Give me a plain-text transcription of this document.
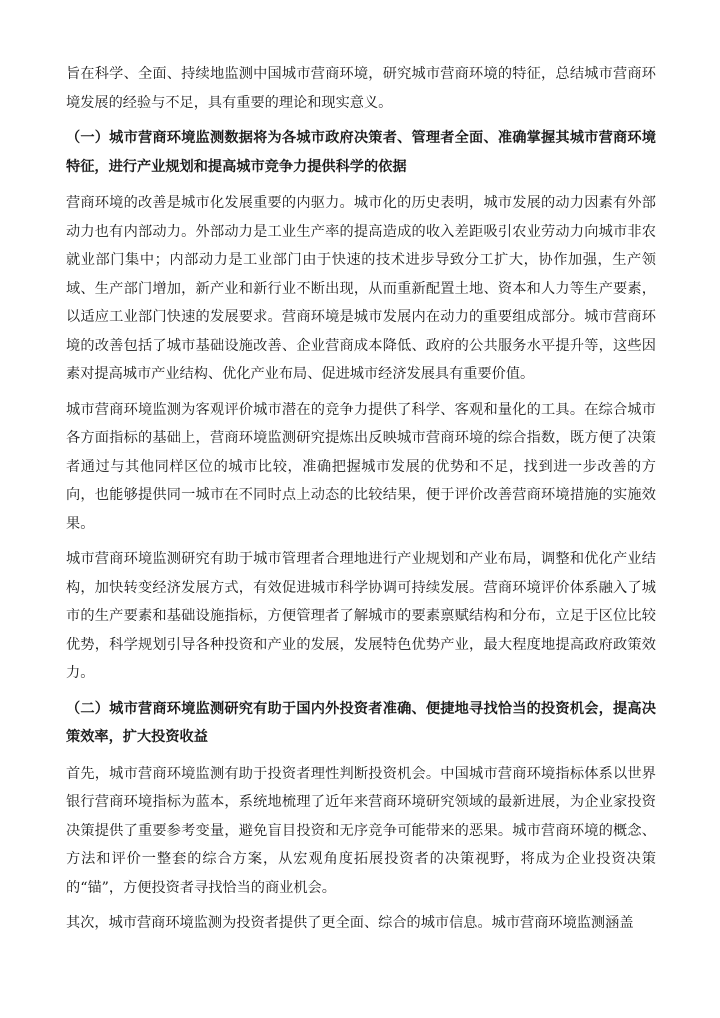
旨在科学、全面、持续地监测中国城市营商环境，研究城市营商环境的特征，总结城市营商环境发展的经验与不足，具有重要的理论和现实意义。

（一）城市营商环境监测数据将为各城市政府决策者、管理者全面、准确掌握其城市营商环境特征，进行产业规划和提高城市竞争力提供科学的依据

营商环境的改善是城市化发展重要的内驱力。城市化的历史表明，城市发展的动力因素有外部动力也有内部动力。外部动力是工业生产率的提高造成的收入差距吸引农业劳动力向城市非农就业部门集中；内部动力是工业部门由于快速的技术进步导致分工扩大，协作加强，生产领域、生产部门增加，新产业和新行业不断出现，从而重新配置土地、资本和人力等生产要素，以适应工业部门快速的发展要求。营商环境是城市发展内在动力的重要组成部分。城市营商环境的改善包括了城市基础设施改善、企业营商成本降低、政府的公共服务水平提升等，这些因素对提高城市产业结构、优化产业布局、促进城市经济发展具有重要价值。

城市营商环境监测为客观评价城市潜在的竞争力提供了科学、客观和量化的工具。在综合城市各方面指标的基础上，营商环境监测研究提炼出反映城市营商环境的综合指数，既方便了决策者通过与其他同样区位的城市比较，准确把握城市发展的优势和不足，找到进一步改善的方向，也能够提供同一城市在不同时点上动态的比较结果，便于评价改善营商环境措施的实施效果。

城市营商环境监测研究有助于城市管理者合理地进行产业规划和产业布局，调整和优化产业结构，加快转变经济发展方式，有效促进城市科学协调可持续发展。营商环境评价体系融入了城市的生产要素和基础设施指标，方便管理者了解城市的要素禀赋结构和分布，立足于区位比较优势，科学规划引导各种投资和产业的发展，发展特色优势产业，最大程度地提高政府政策效力。

（二）城市营商环境监测研究有助于国内外投资者准确、便捷地寻找恰当的投资机会，提高决策效率，扩大投资收益

首先，城市营商环境监测有助于投资者理性判断投资机会。中国城市营商环境指标体系以世界银行营商环境指标为蓝本，系统地梳理了近年来营商环境研究领域的最新进展，为企业家投资决策提供了重要参考变量，避免盲目投资和无序竞争可能带来的恶果。城市营商环境的概念、方法和评价一整套的综合方案，从宏观角度拓展投资者的决策视野，将成为企业投资决策的“锚”，方便投资者寻找恰当的商业机会。

其次，城市营商环境监测为投资者提供了更全面、综合的城市信息。城市营商环境监测涵盖
